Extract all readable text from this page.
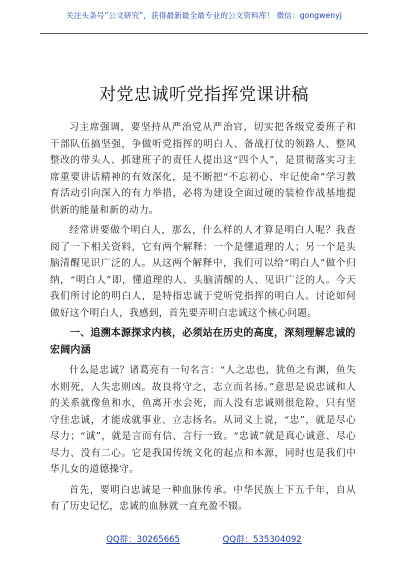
关注头条号“公文研究”，获得最新最全最专业的公文资料库！ 微信：gongwenyj
对党忠诚听党指挥党课讲稿

习主席强调，要坚持从严治党从严治官，切实把各级党委班子和干部队伍搞坚强，争做听党指挥的明白人、备战打仗的领路人、整风整改的带头人、抓建班子的责任人提出这“四个人”，是贯彻落实习主席重要讲话精神的有效深化，是不断把“不忘初心、牢记使命”学习教育活动引向深入的有力举措，必将为建设全面过硬的装检作战基地提供新的能量和新的动力。

经常讲要做个明白人，那么，什么样的人才算是明白人呢？我查阅了一下相关资料，它有两个解释：一个是懂道理的人；另一个是头脑清醒见识广泛的人。从这两个解释中，我们可以给“明白人”做个归纳，“明白人”即，懂道理的人、头脑清醒的人、见识广泛的人。今天我们所讨论的明白人，是特指忠诚于党听党指挥的明白人。讨论如何做好这个明白人，我感到，首先要弄明白忠诚这个核心问题。

一、追溯本源探求内核，必须站在历史的高度，深刻理解忠诚的宏阔内涵

什么是忠诚？诸葛亮有一句名言：“人之忠也，犹鱼之有渊，鱼失水则死，人失忠则凶。故良将守之，志立而名扬。”意思是说忠诚和人的关系就像鱼和水，鱼离开水会死，而人没有忠诚则很危险，只有坚守住忠诚，才能成就事业、立志扬名。从词义上说，“忠”，就是尽心尽力；“诚”，就是言而有信、言行一致。“忠诚”就是真心诚意、尽心尽力、没有二心。它是我国传统文化的起点和本源，同时也是我们中华儿女的道德操守。

首先，要明白忠诚是一种血脉传承。中华民族上下五千年，自从有了历史记忆，忠诚的血脉就一直充盈不辍。

QQ群：30265665	QQ群：535304092
